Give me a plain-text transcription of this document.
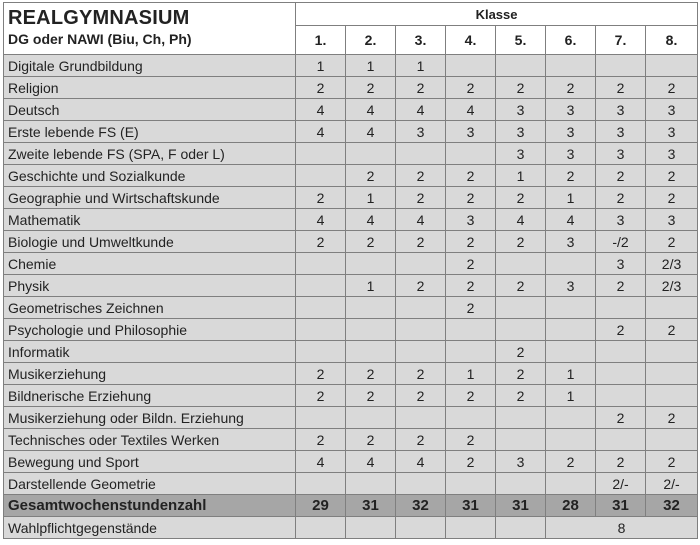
REALGYMNASIUM
DG oder NAWI (Biu, Ch, Ph)	Klasse							
	1.	2.	3.	4.	5.	6.	7.	8.
Digitale Grundbildung	1	1	1					
Religion	2	2	2	2	2	2	2	2
Deutsch	4	4	4	4	3	3	3	3
Erste lebende FS (E)	4	4	3	3	3	3	3	3
Zweite lebende FS (SPA, F oder L)					3	3	3	3
Geschichte und Sozialkunde		2	2	2	1	2	2	2
Geographie und Wirtschaftskunde	2	1	2	2	2	1	2	2
Mathematik	4	4	4	3	4	4	3	3
Biologie und Umweltkunde	2	2	2	2	2	3	-/2	2
Chemie				2			3	2/3
Physik		1	2	2	2	3	2	2/3
Geometrisches Zeichnen				2				
Psychologie und Philosophie							2	2
Informatik					2			
Musikerziehung	2	2	2	1	2	1		
Bildnerische Erziehung	2	2	2	2	2	1		
Musikerziehung oder Bildn. Erziehung							2	2
Technisches oder Textiles Werken	2	2	2	2				
Bewegung und Sport	4	4	4	2	3	2	2	2
Darstellende Geometrie							2/-	2/-
Gesamtwochenstundenzahl	29	31	32	31	31	28	31	32
Wahlpflichtgegenstände						8		
